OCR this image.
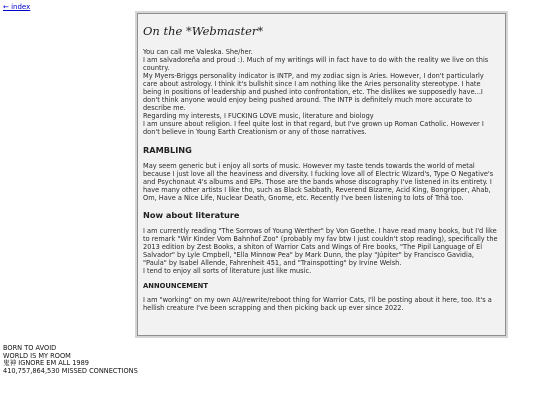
← index
On the *Webmaster*

You can call me Valeska. She/her.

I am salvadoreña and proud :). Much of my writings will in fact have to do with the reality we live on this country.

My Myers-Briggs personality indicator is INTP, and my zodiac sign is Aries. However, I don't particularly care about astrology. I think it's bullshit since I am nothing like the Aries personality stereotype. I hate being in positions of leadership and pushed into confrontation, etc. The dislikes we supposedly have...I don't think anyone would enjoy being pushed around. The INTP is definitely much more accurate to describe me.

Regarding my interests, I FUCKING LOVE music, literature and biology

I am unsure about religion. I feel quite lost in that regard, but I've grown up Roman Catholic. However I don't believe in Young Earth Creationism or any of those narratives.

RAMBLING

May seem generic but i enjoy all sorts of music. However my taste tends towards the world of metal because I just love all the heaviness and diversity. I fucking love all of Electric Wizard's, Type O Negative's and Psychonaut 4's albums and EPs. Those are the bands whose discography I've listened in its entirety. I have many other artists I like tho, such as Black Sabbath, Reverend Bizarre, Acid King, Bongripper, Ahab, Om, Have a Nice Life, Nuclear Death, Gnome, etc. Recently I've been listening to lots of Trhä too.

Now about literature

I am currently reading "The Sorrows of Young Werther" by Von Goethe. I have read many books, but I'd like to remark "Wir Kinder Vom Bahnhof Zoo" (probably my fav btw I just couldn't stop reading), specifically the 2013 edition by Zest Books, a shiton of Warrior Cats and Wings of Fire books, "The Pipil Language of El Salvador" by Lyle Cmpbell, "Ella Minnow Pea" by Mark Dunn, the play "Júpiter" by Francisco Gavidia, "Paula" by Isabel Allende, Fahrenheit 451, and "Trainspotting" by Irvine Welsh.

I tend to enjoy all sorts of literature just like music.

ANNOUNCEMENT

I am "working" on my own AU/rewrite/reboot thing for Warrior Cats, I'll be posting about it here, too. It's a hellish creature I've been scrapping and then picking back up ever since 2022.

BORN TO AVOID
WORLD IS MY ROOM
鬼神 IGNORE EM ALL 1989
410,757,864,530 MISSED CONNECTIONS
